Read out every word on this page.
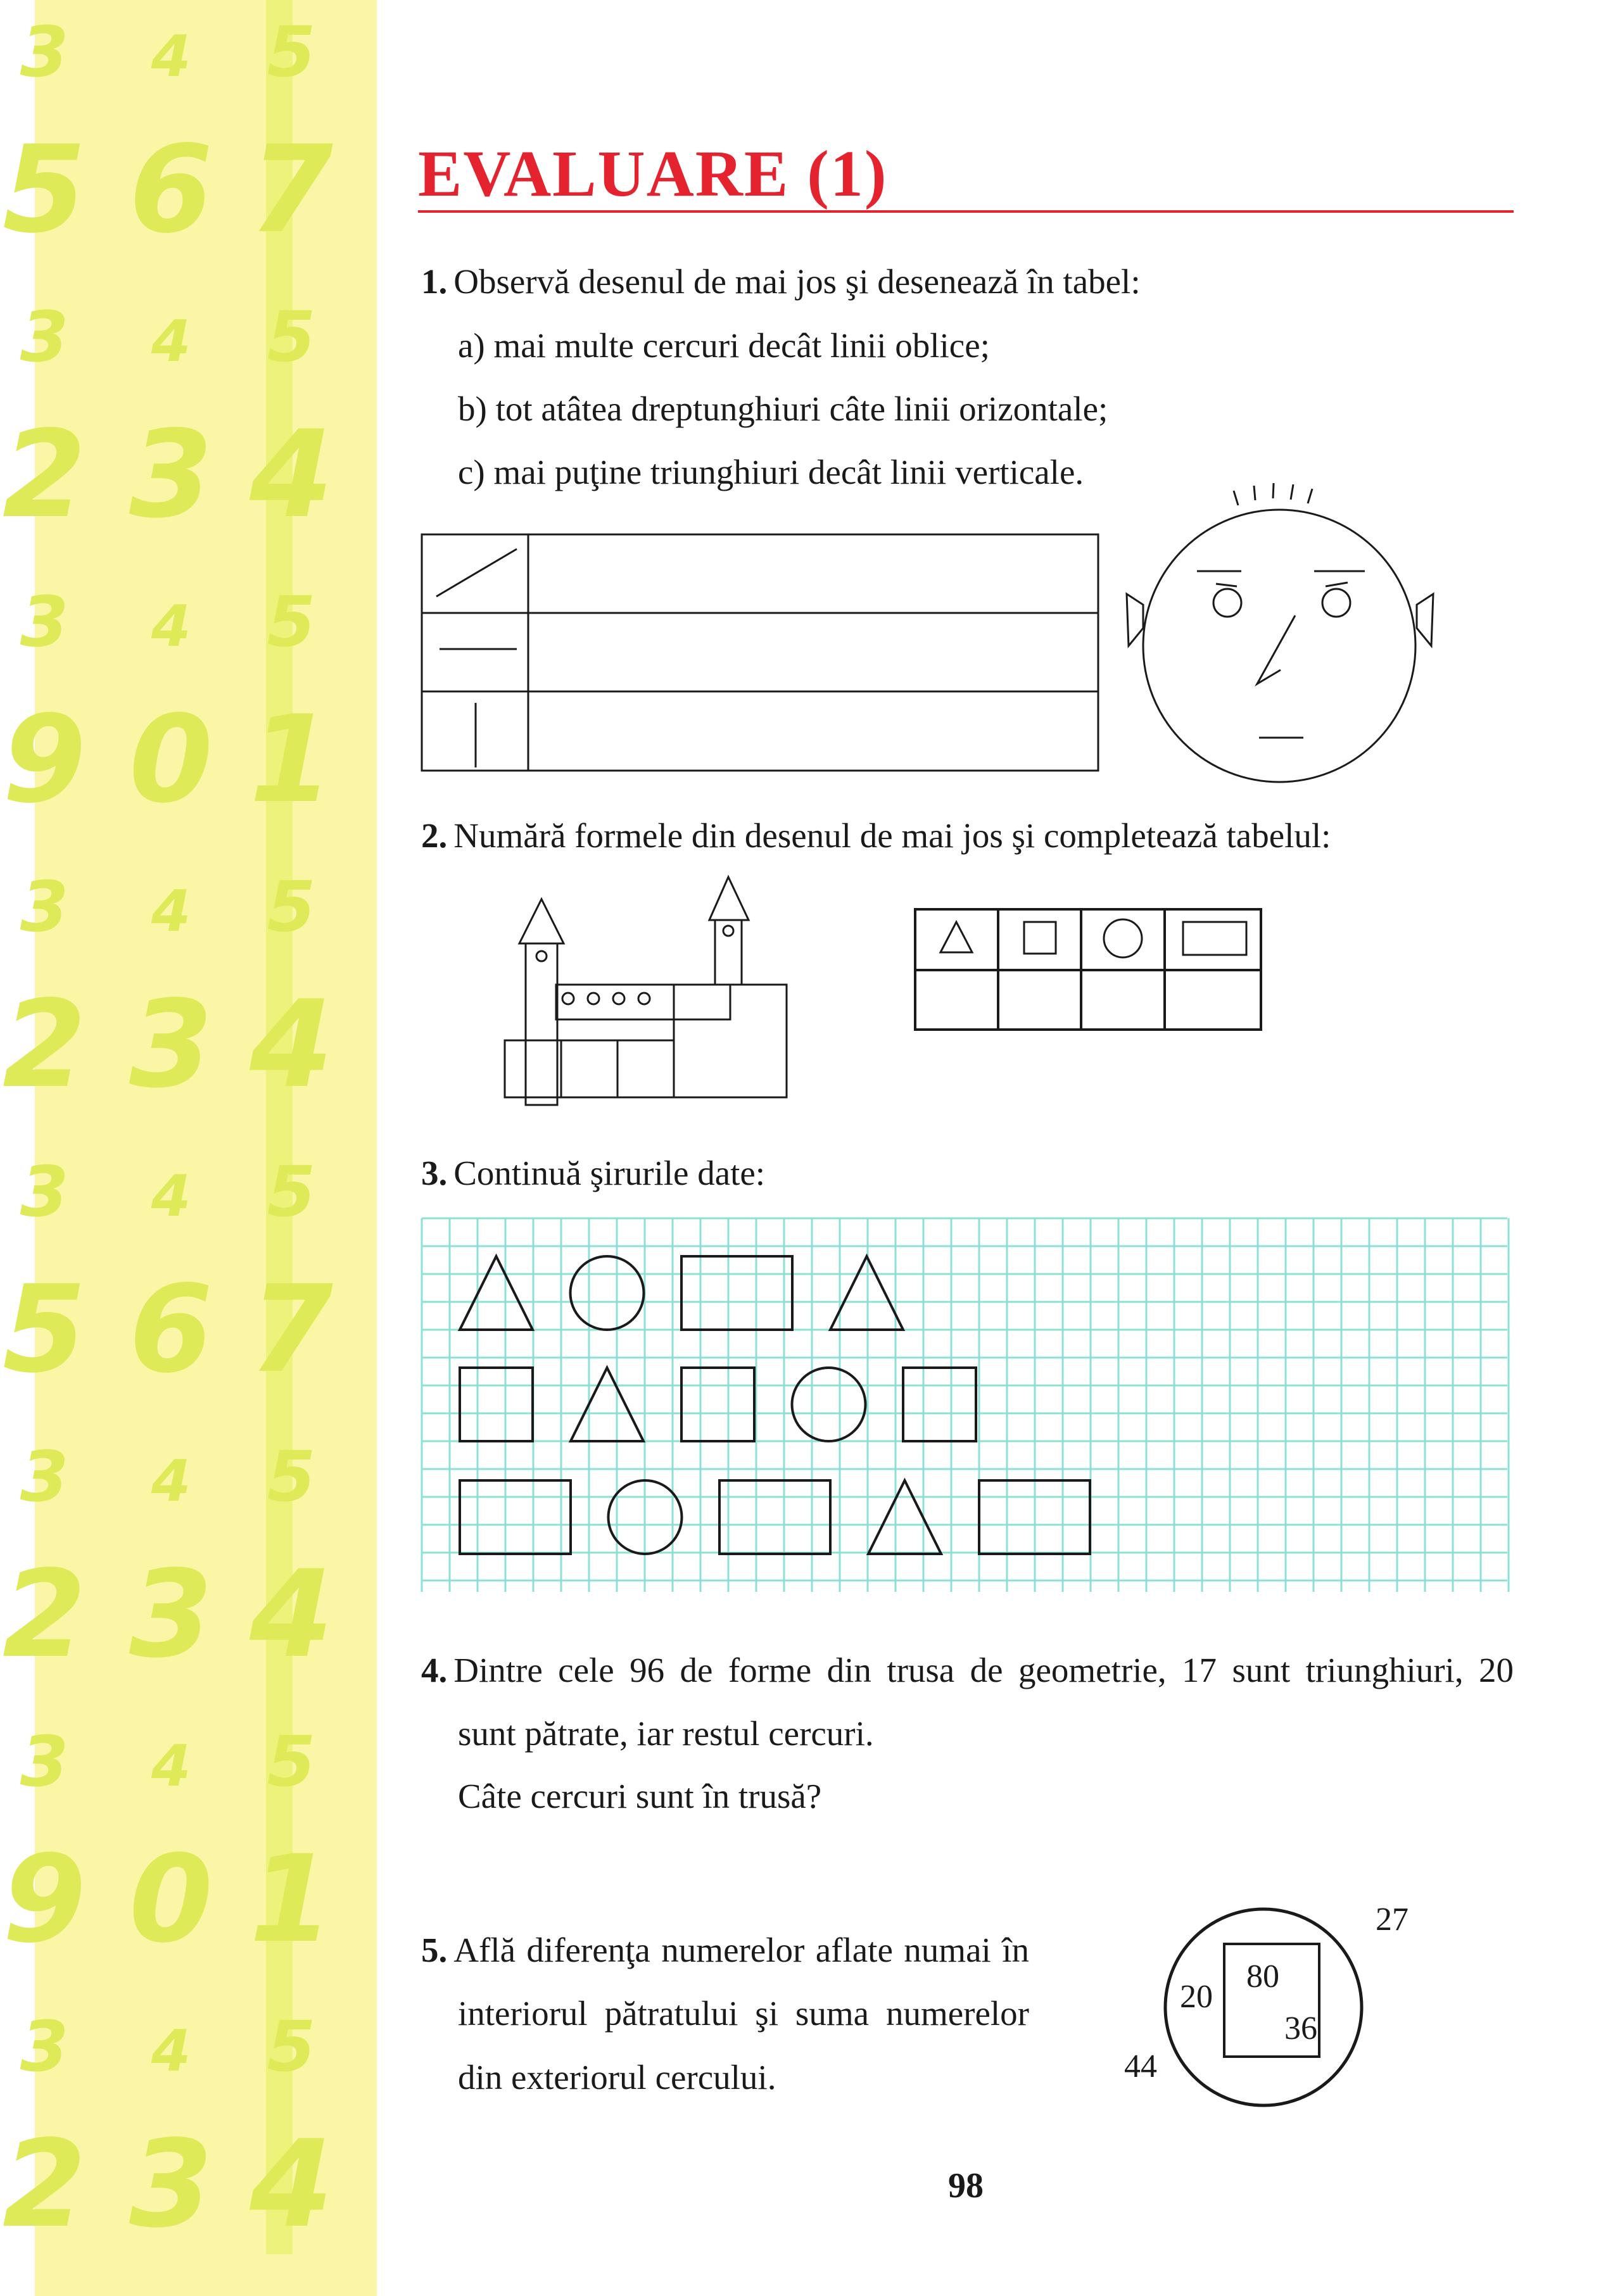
3 4 5
5 6 7
3 4 5
2 3 4
3 4 5
9 0 1
3 4 5
2 3 4
3 4 5
5 6 7
3 4 5
2 3 4
3 4 5
9 0 1
3 4 5
2 3 4
EVALUARE (1)
1. Observă desenul de mai jos şi desenează în tabel:
a) mai multe cercuri decât linii oblice;
b) tot atâtea dreptunghiuri câte linii orizontale;
c) mai puţine triunghiuri decât linii verticale.
2. Numără formele din desenul de mai jos şi completează tabelul:
3. Continuă şirurile date:
4. Dintre cele 96 de forme din trusa de geometrie, 17 sunt triunghiuri, 20
sunt pătrate, iar restul cercuri.
Câte cercuri sunt în trusă?
5. Află diferenţa numerelor aflate numai în
interiorul pătratului şi suma numerelor
din exteriorul cercului.
80
36
20
27
44
98
